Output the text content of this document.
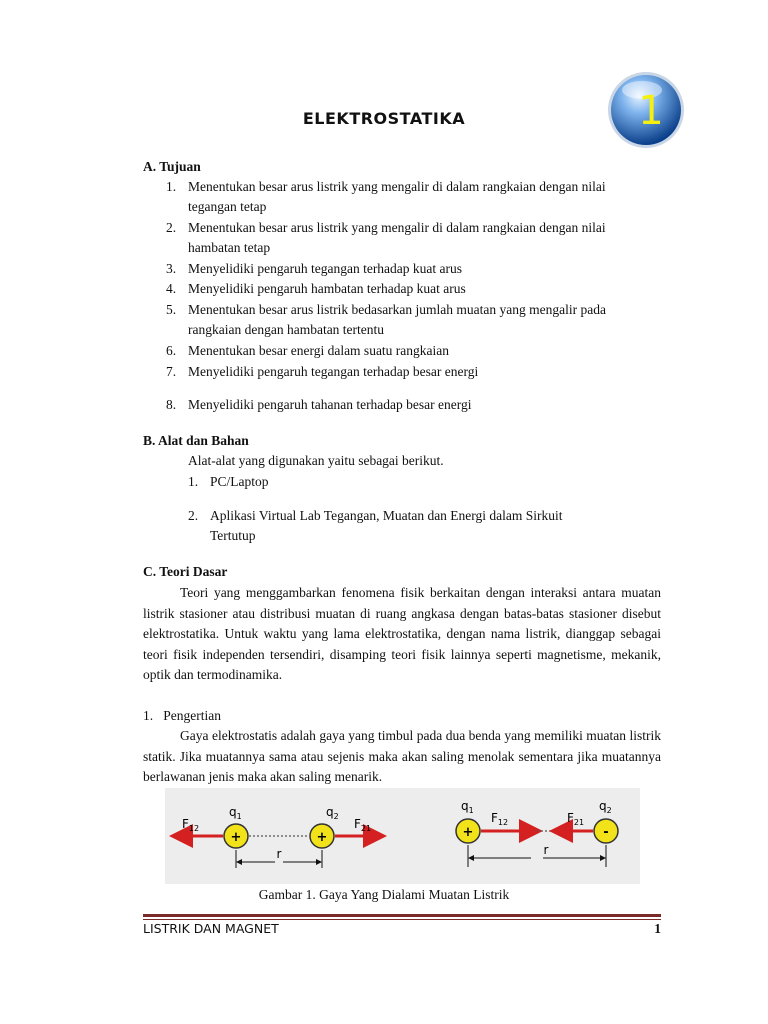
1
ELEKTROSTATIKA
A. Tujuan
1. Menentukan besar arus listrik yang mengalir di dalam rangkaian dengan nilai
tegangan tetap
2. Menentukan besar arus listrik yang mengalir di dalam rangkaian dengan nilai
hambatan tetap
3. Menyelidiki pengaruh tegangan terhadap kuat arus
4. Menyelidiki pengaruh hambatan terhadap kuat arus
5. Menentukan besar arus listrik bedasarkan jumlah muatan yang mengalir pada
rangkaian dengan hambatan tertentu
6. Menentukan besar energi dalam suatu rangkaian
7. Menyelidiki pengaruh tegangan terhadap besar energi
8. Menyelidiki pengaruh tahanan terhadap besar energi
B. Alat dan Bahan
Alat-alat yang digunakan yaitu sebagai berikut.
1. PC/Laptop
2. Aplikasi Virtual Lab Tegangan, Muatan dan Energi dalam Sirkuit
Tertutup
C. Teori Dasar
Teori yang menggambarkan fenomena fisik berkaitan dengan interaksi antara muatan listrik stasioner atau distribusi muatan di ruang angkasa dengan batas-batas stasioner disebut elektrostatika. Untuk waktu yang lama elektrostatika, dengan nama listrik, dianggap sebagai teori fisik independen tersendiri, disamping teori fisik lainnya seperti magnetisme, mekanik, optik dan termodinamika.
1.   Pengertian
Gaya elektrostatis adalah gaya yang timbul pada dua benda yang memiliki muatan listrik statik. Jika muatannya sama atau sejenis maka akan saling menolak sementara jika muatannya berlawanan jenis maka akan saling menarik.
+	+
r
$F_{12}$
$q_1$	$q_2$
$F_{21}$	+	-
r
$q_1$	$q_2$
$F_{12}$	$F_{21}$
Gambar 1. Gaya Yang Dialami Muatan Listrik
LISTRIK DAN MAGNET	1
